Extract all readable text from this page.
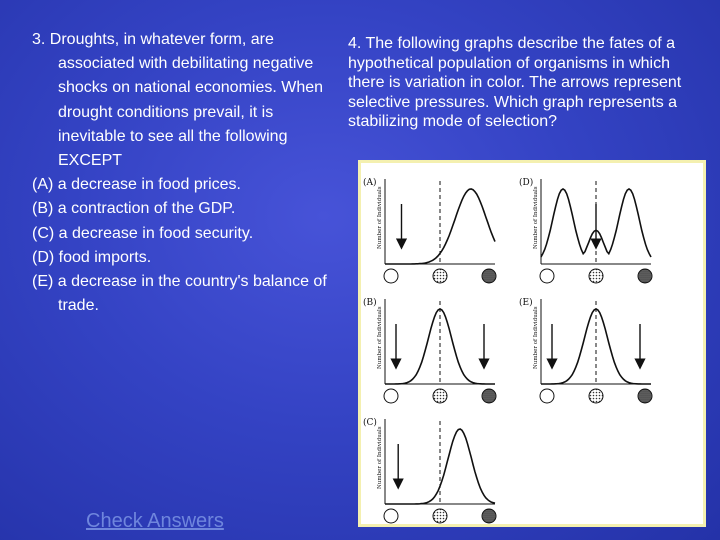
3. Droughts, in whatever form, are associated with debilitating negative shocks on national economies. When drought conditions prevail, it is inevitable to see all the following EXCEPT

(A) a decrease in food prices.

(B) a contraction of the GDP.

(C) a decrease in food security.

(D) food imports.

(E) a decrease in the country's balance of trade.

4. The following graphs describe the fates of a hypothetical population of organisms in which there is variation in color. The arrows represent selective pressures. Which graph represents a stabilizing mode of selection?
Check Answers
(A)
Number of Individuals
(B)
Number of Individuals
(C)
Number of Individuals
(D)
Number of Individuals
(E)
Number of Individuals
